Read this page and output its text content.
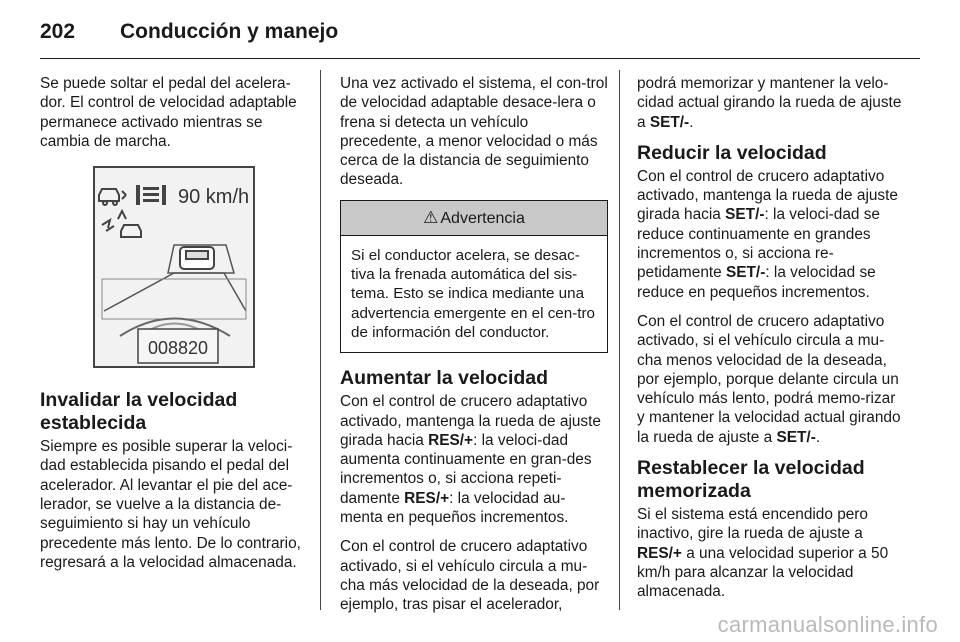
202 Conducción y manejo

Se puede soltar el pedal del acelera-dor. El control de velocidad adaptable permanece activado mientras se cambia de marcha.

90 km/h
008820
Invalidar la velocidad establecida

Siempre es posible superar la veloci-dad establecida pisando el pedal del acelerador. Al levantar el pie del ace-lerador, se vuelve a la distancia de-seguimiento si hay un vehículo precedente más lento. De lo contrario, regresará a la velocidad almacenada.

Una vez activado el sistema, el con-trol de velocidad adaptable desace-lera o frena si detecta un vehículo precedente, a menor velocidad o más cerca de la distancia de seguimiento deseada.

⚠ Advertencia

Si el conductor acelera, se desac-tiva la frenada automática del sis-tema. Esto se indica mediante una advertencia emergente en el cen-tro de información del conductor.

Aumentar la velocidad

Con el control de crucero adaptativo activado, mantenga la rueda de ajuste girada hacia RES/+: la veloci-dad aumenta continuamente en gran-des incrementos o, si acciona repeti-damente RES/+: la velocidad au-menta en pequeños incrementos.

Con el control de crucero adaptativo activado, si el vehículo circula a mu-cha más velocidad de la deseada, por ejemplo, tras pisar el acelerador,

podrá memorizar y mantener la velo-cidad actual girando la rueda de ajuste a SET/-.

Reducir la velocidad

Con el control de crucero adaptativo activado, mantenga la rueda de ajuste girada hacia SET/-: la veloci-dad se reduce continuamente en grandes incrementos o, si acciona re-petidamente SET/-: la velocidad se reduce en pequeños incrementos.

Con el control de crucero adaptativo activado, si el vehículo circula a mu-cha menos velocidad de la deseada, por ejemplo, porque delante circula un vehículo más lento, podrá memo-rizar y mantener la velocidad actual girando la rueda de ajuste a SET/-.

Restablecer la velocidad memorizada

Si el sistema está encendido pero inactivo, gire la rueda de ajuste a RES/+ a una velocidad superior a 50 km/h para alcanzar la velocidad almacenada.

carmanualsonline.info
